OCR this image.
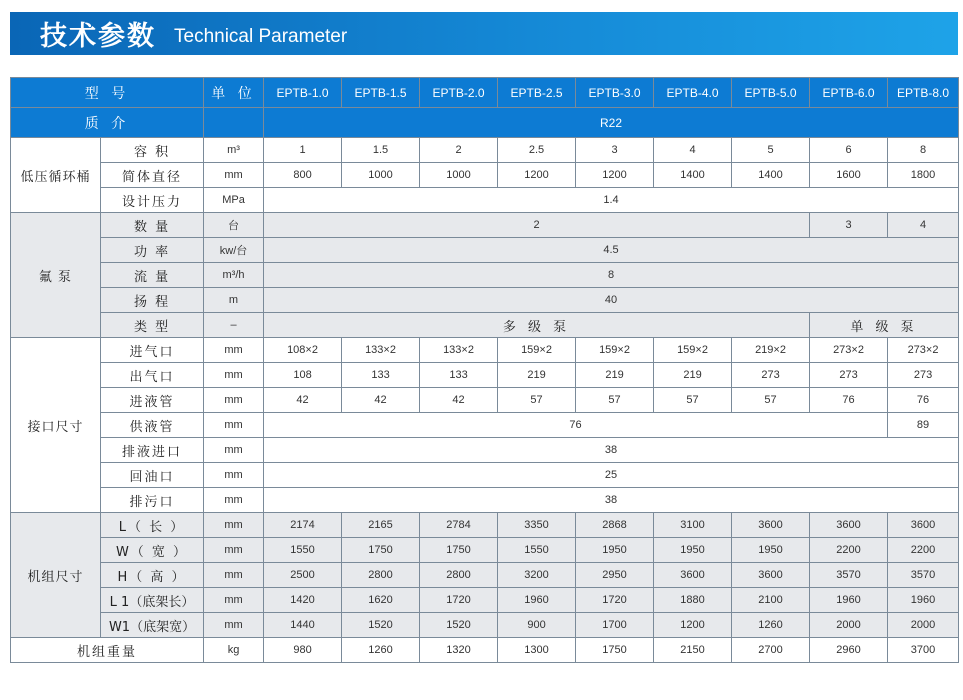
技术参数 Technical Parameter
型 号		单 位	EPTB-1.0	EPTB-1.5	EPTB-2.0	EPTB-2.5	EPTB-3.0	EPTB-4.0	EPTB-5.0	EPTB-6.0	EPTB-8.0
质 介			R22								
低压循环桶	容 积	m³	1	1.5	2	2.5	3	4	5	6	8
	简体直径	mm	800	1000	1000	1200	1200	1400	1400	1600	1800
	设计压力	MPa	1.4								
氟 泵	数 量	台	2							3	4
	功 率	kw/台	4.5								
	流 量	m³/h	8								
	扬 程	m	40								
	类 型	–	多 级 泵							单 级 泵	
接口尺寸	进气口	mm	108×2	133×2	133×2	159×2	159×2	159×2	219×2	273×2	273×2
	出气口	mm	108	133	133	219	219	219	273	273	273
	进液管	mm	42	42	42	57	57	57	57	76	76
	供液管	mm	76								89
	排液进口	mm	38								
	回油口	mm	25								
	排污口	mm	38								
机组尺寸	L（ 长 ）	mm	2174	2165	2784	3350	2868	3100	3600	3600	3600
	W（ 宽 ）	mm	1550	1750	1750	1550	1950	1950	1950	2200	2200
	H（ 高 ）	mm	2500	2800	2800	3200	2950	3600	3600	3570	3570
	L 1（底架长）	mm	1420	1620	1720	1960	1720	1880	2100	1960	1960
	W1（底架宽）	mm	1440	1520	1520	900	1700	1200	1260	2000	2000
机组重量		kg	980	1260	1320	1300	1750	2150	2700	2960	3700
